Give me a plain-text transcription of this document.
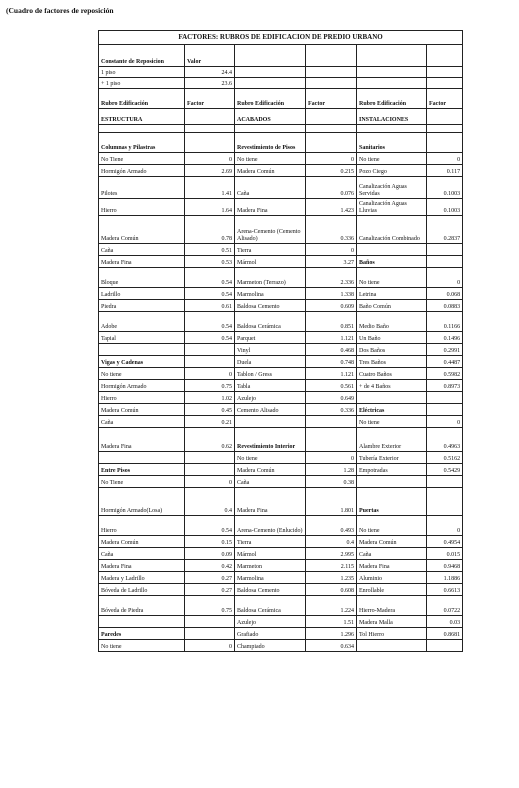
(Cuadro de factores de reposición
FACTORES: RUBROS DE EDIFICACION DE PREDIO URBANO					
Constante de Reposicion	Valor				
1 piso	24.4				
+ 1 piso	23.6				
Rubro Edificación	Factor	Rubro Edificación	Factor	Rubro Edificación	Factor
ESTRUCTURA		ACABADOS		INSTALACIONES	

Columnas y Pilastras		Revestimiento de Pisos		Sanitarios	
No Tiene	0	No tiene	0	No tiene	0
Hormigón Armado	2.69	Madera Común	0.215	Pozo Ciego	0.117
Pilotes	1.41	Caña	0.076	Canalización Aguas Servidas	0.1003
Hierro	1.64	Madera Fina	1.423	Canalización Aguas Lluvias	0.1003
Madera Común	0.78	Arena-Cemento (Cemento Alisado)	0.336	Canalización Combinado	0.2837
Caña	0.51	Tierra	0		
Madera Fina	0.53	Mármol	3.27	Baños	
Bloque	0.54	Marmeton (Terrazo)	2.336	No tiene	0
Ladrillo	0.54	Marmolina	1.338	Letrina	0.068
Piedra	0.61	Baldosa Cemento	0.609	Baño Común	0.0883
Adobe	0.54	Baldosa Cerámica	0.851	Medio Baño	0.1166
Tapial	0.54	Parquet	1.121	Un Baño	0.1496
		Vinyl	0.468	Dos Baños	0.2991
Vigas y Cadenas		Duela	0.748	Tres Baños	0.4487
No tiene	0	Tablon / Gress	1.121	Cuatro Baños	0.5982
Hormigón Armado	0.75	Tabla	0.561	+ de 4 Baños	0.8973
Hierro	1.02	Azulejo	0.649		
Madera Común	0.45	Cemento Alisado	0.336	Eléctricas	
Caña	0.21			No tiene	0
Madera Fina	0.62	Revestimiento Interior		Alambre Exterior	0.4963
		No tiene	0	Tubería Exterior	0.5162
Entre Pisos		Madera Común	1.28	Empotradas	0.5429
No Tiene	0	Caña	0.38		
Hormigón Armado(Losa)	0.4	Madera Fina	1.801	Puertas	
Hierro	0.54	Arena-Cemento (Enlucido)	0.493	No tiene	0
Madera Común	0.15	Tierra	0.4	Madera Común	0.4954
Caña	0.09	Mármol	2.995	Caña	0.015
Madera Fina	0.42	Marmeton	2.115	Madera Fina	0.9468
Madera y Ladrillo	0.27	Marmolina	1.235	Aluminio	1.1886
Bóveda de Ladrillo	0.27	Baldosa Cemento	0.608	Enrollable	0.6613
Bóveda de Piedra	0.75	Baldosa Cerámica	1.224	Hierro-Madera	0.0722
		Azulejo	1.51	Madera Malla	0.03
Paredes		Grafiado	1.296	Tol Hierro	0.8681
No tiene	0	Champiado	0.634		
